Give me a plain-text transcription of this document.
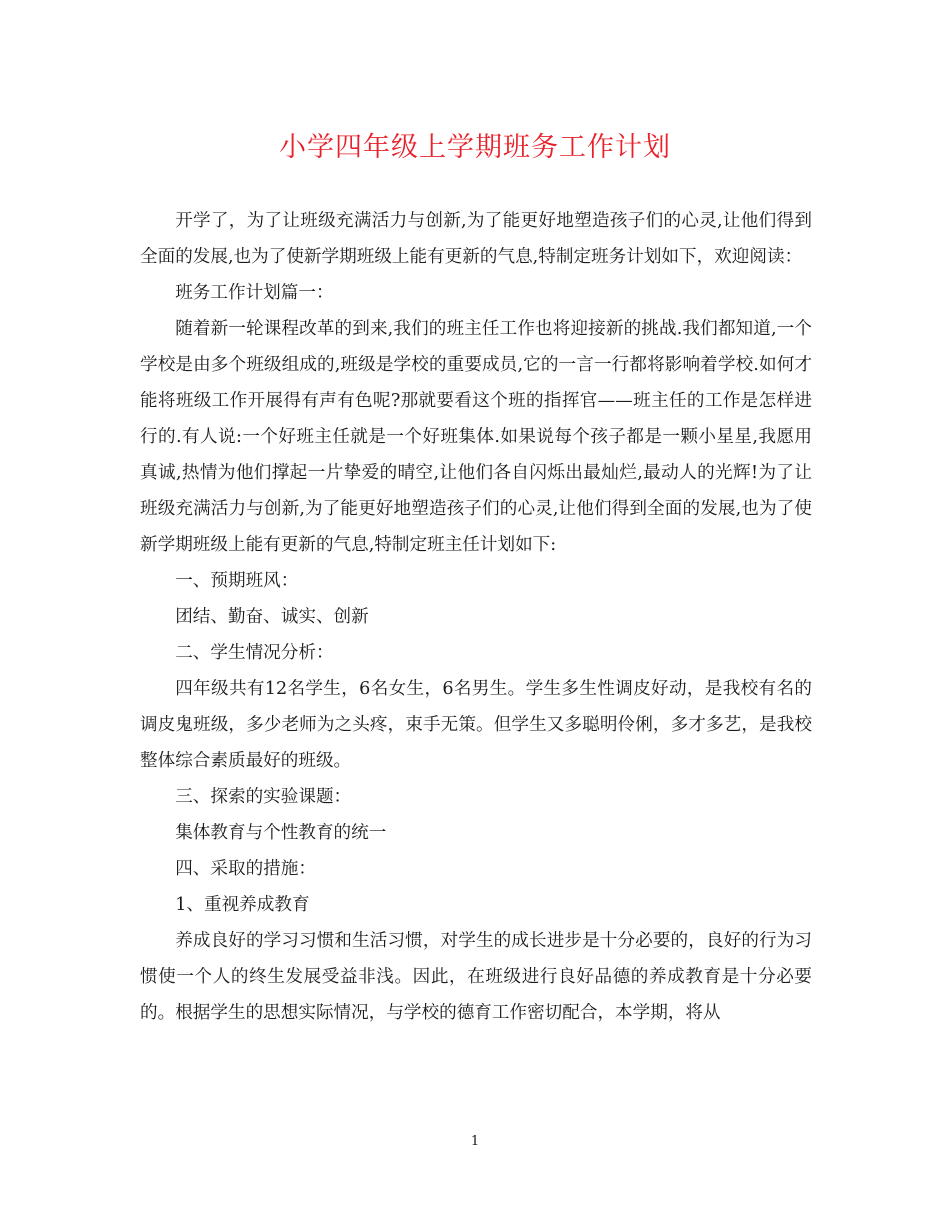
小学四年级上学期班务工作计划

开学了，为了让班级充满活力与创新,为了能更好地塑造孩子们的心灵,让他们得到全面的发展,也为了使新学期班级上能有更新的气息,特制定班务计划如下，欢迎阅读：

班务工作计划篇一：

随着新一轮课程改革的到来,我们的班主任工作也将迎接新的挑战.我们都知道,一个学校是由多个班级组成的,班级是学校的重要成员,它的一言一行都将影响着学校.如何才能将班级工作开展得有声有色呢?那就要看这个班的指挥官——班主任的工作是怎样进行的.有人说:一个好班主任就是一个好班集体.如果说每个孩子都是一颗小星星,我愿用真诚,热情为他们撑起一片挚爱的晴空,让他们各自闪烁出最灿烂,最动人的光辉!为了让班级充满活力与创新,为了能更好地塑造孩子们的心灵,让他们得到全面的发展,也为了使新学期班级上能有更新的气息,特制定班主任计划如下:

一、预期班风：

团结、勤奋、诚实、创新

二、学生情况分析：

四年级共有12名学生，6名女生，6名男生。学生多生性调皮好动，是我校有名的调皮鬼班级，多少老师为之头疼，束手无策。但学生又多聪明伶俐，多才多艺，是我校整体综合素质最好的班级。

三、探索的实验课题：

集体教育与个性教育的统一

四、采取的措施：

1、重视养成教育

养成良好的学习习惯和生活习惯，对学生的成长进步是十分必要的，良好的行为习惯使一个人的终生发展受益非浅。因此，在班级进行良好品德的养成教育是十分必要的。根据学生的思想实际情况，与学校的德育工作密切配合，本学期，将从

1
